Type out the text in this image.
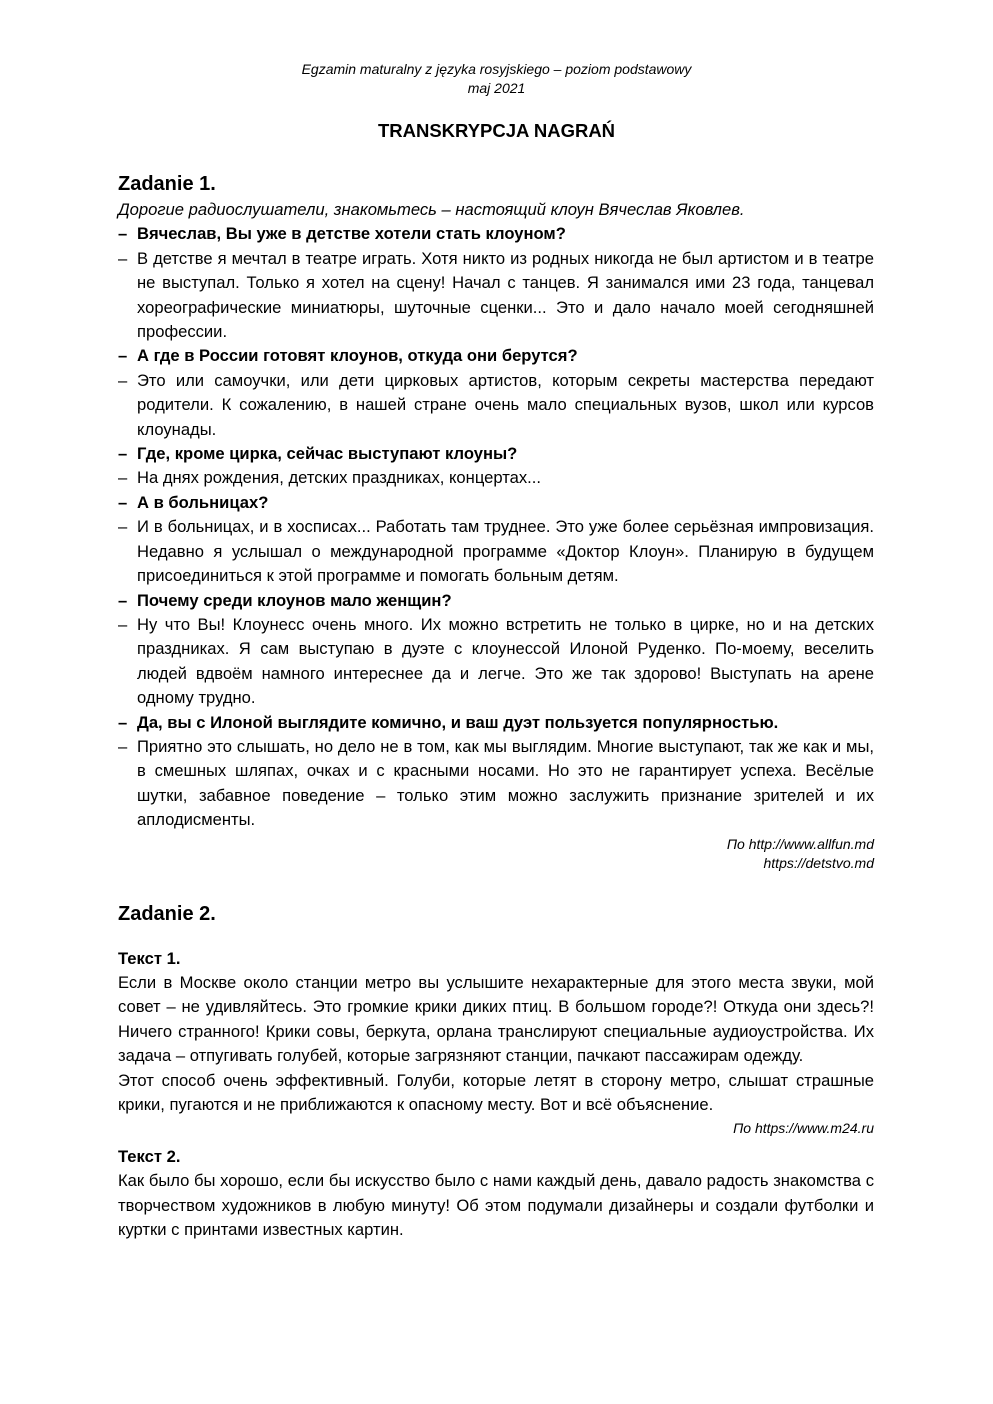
Egzamin maturalny z języka rosyjskiego – poziom podstawowy
maj 2021
TRANSKRYPCJA NAGRAŃ
Zadanie 1.

Дорогие радиослушатели, знакомьтесь – настоящий клоун Вячеслав Яковлев.

– Вячеслав, Вы уже в детстве хотели стать клоуном?
– В детстве я мечтал в театре играть. Хотя никто из родных никогда не был артистом и в театре не выступал. Только я хотел на сцену! Начал с танцев. Я занимался ими 23 года, танцевал хореографические миниатюры, шуточные сценки... Это и дало начало моей сегодняшней профессии.
– А где в России готовят клоунов, откуда они берутся?
– Это или самоучки, или дети цирковых артистов, которым секреты мастерства передают родители. К сожалению, в нашей стране очень мало специальных вузов, школ или курсов клоунады.
– Где, кроме цирка, сейчас выступают клоуны?
– На днях рождения, детских праздниках, концертах...
– А в больницах?
– И в больницах, и в хосписах... Работать там труднее. Это уже более серьёзная импровизация. Недавно я услышал о международной программе «Доктор Клоун». Планирую в будущем присоединиться к этой программе и помогать больным детям.
– Почему среди клоунов мало женщин?
– Ну что Вы! Клоунесс очень много. Их можно встретить не только в цирке, но и на детских праздниках. Я сам выступаю в дуэте с клоунессой Илоной Руденко. По-моему, веселить людей вдвоём намного интереснее да и легче. Это же так здорово! Выступать на арене одному трудно.
– Да, вы с Илоной выглядите комично, и ваш дуэт пользуется популярностью.
– Приятно это слышать, но дело не в том, как мы выглядим. Многие выступают, так же как и мы, в смешных шляпах, очках и с красными носами. Но это не гарантирует успеха. Весёлые шутки, забавное поведение – только этим можно заслужить признание зрителей и их аплодисменты.
По http://www.allfun.md
https://detstvo.md
Zadanie 2.

Текст 1.

Если в Москве около станции метро вы услышите нехарактерные для этого места звуки, мой совет – не удивляйтесь. Это громкие крики диких птиц. В большом городе?! Откуда они здесь?! Ничего странного! Крики совы, беркута, орлана транслируют специальные аудиоустройства. Их задача – отпугивать голубей, которые загрязняют станции, пачкают пассажирам одежду.

Этот способ очень эффективный. Голуби, которые летят в сторону метро, слышат страшные крики, пугаются и не приближаются к опасному месту. Вот и всё объяснение.

По https://www.m24.ru

Текст 2.

Как было бы хорошо, если бы искусство было с нами каждый день, давало радость знакомства с творчеством художников в любую минуту! Об этом подумали дизайнеры и создали футболки и куртки с принтами известных картин.
